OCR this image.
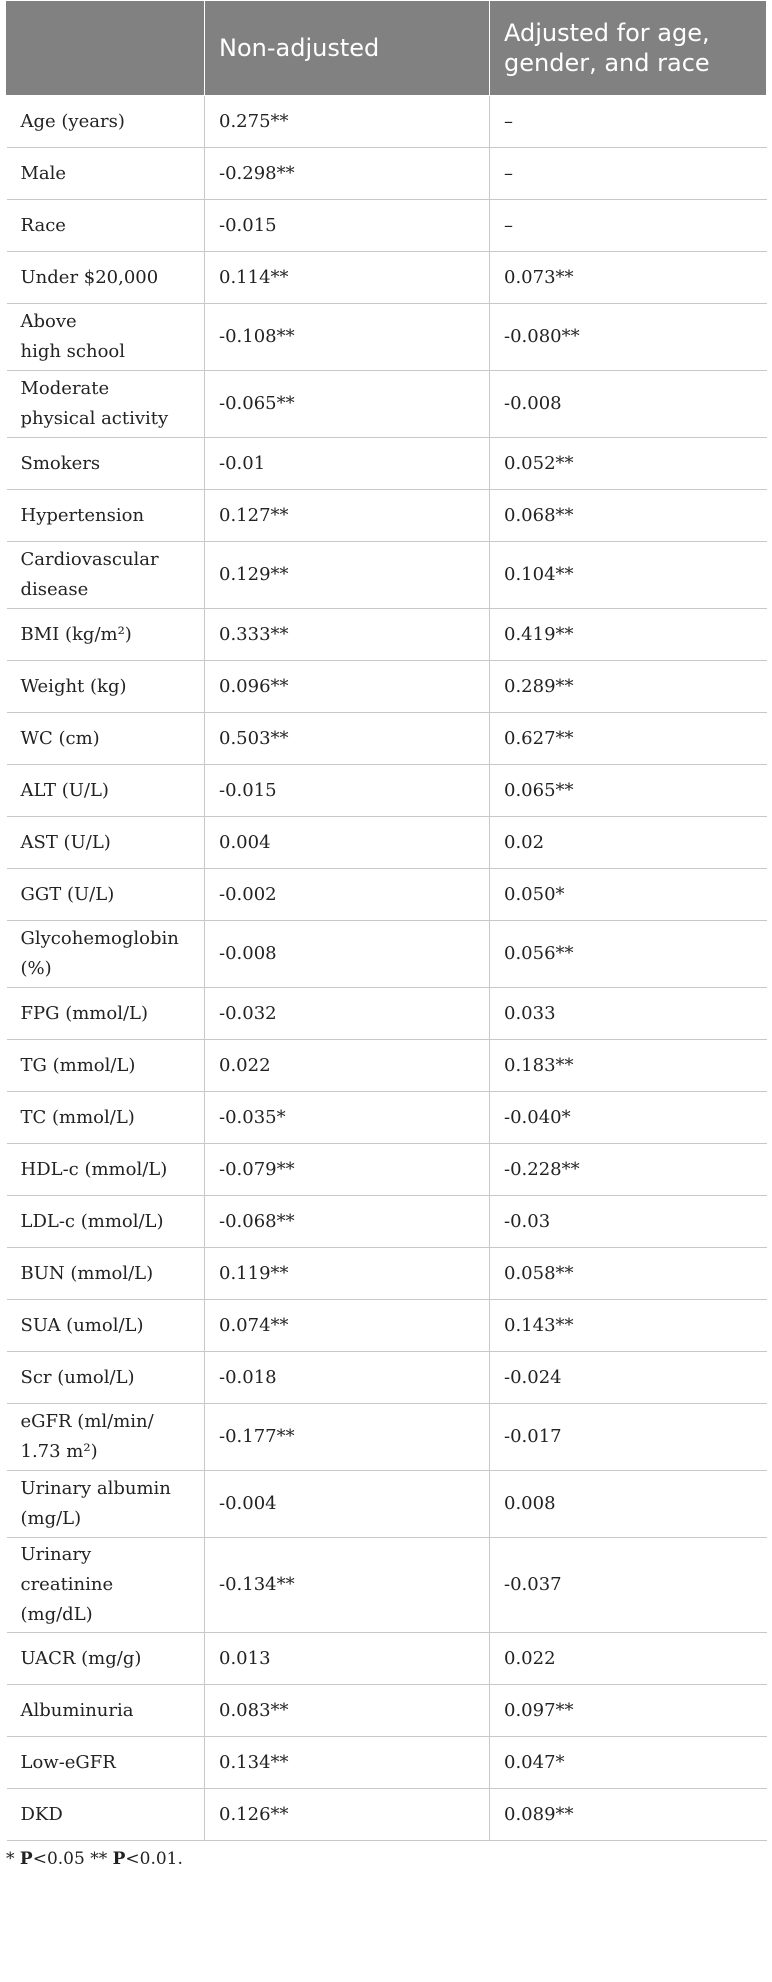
	Non-adjusted	Adjusted for age,
gender, and race

Age (years)	0.275**	–

Male	-0.298**	–

Race	-0.015	–

Under $20,000	0.114**	0.073**

Above
high school	-0.108**	-0.080**

Moderate
physical activity	-0.065**	-0.008

Smokers	-0.01	0.052**

Hypertension	0.127**	0.068**

Cardiovascular
disease	0.129**	0.104**

BMI (kg/m²)	0.333**	0.419**

Weight (kg)	0.096**	0.289**

WC (cm)	0.503**	0.627**

ALT (U/L)	-0.015	0.065**

AST (U/L)	0.004	0.02

GGT (U/L)	-0.002	0.050*

Glycohemoglobin
(%)	-0.008	0.056**

FPG (mmol/L)	-0.032	0.033

TG (mmol/L)	0.022	0.183**

TC (mmol/L)	-0.035*	-0.040*

HDL-c (mmol/L)	-0.079**	-0.228**

LDL-c (mmol/L)	-0.068**	-0.03

BUN (mmol/L)	0.119**	0.058**

SUA (umol/L)	0.074**	0.143**

Scr (umol/L)	-0.018	-0.024

eGFR (ml/min/
1.73 m²)	-0.177**	-0.017

Urinary albumin
(mg/L)	-0.004	0.008

Urinary
creatinine
(mg/dL)	-0.134**	-0.037

UACR (mg/g)	0.013	0.022

Albuminuria	0.083**	0.097**

Low-eGFR	0.134**	0.047*

DKD	0.126**	0.089**
* P<0.05 ** P<0.01.
